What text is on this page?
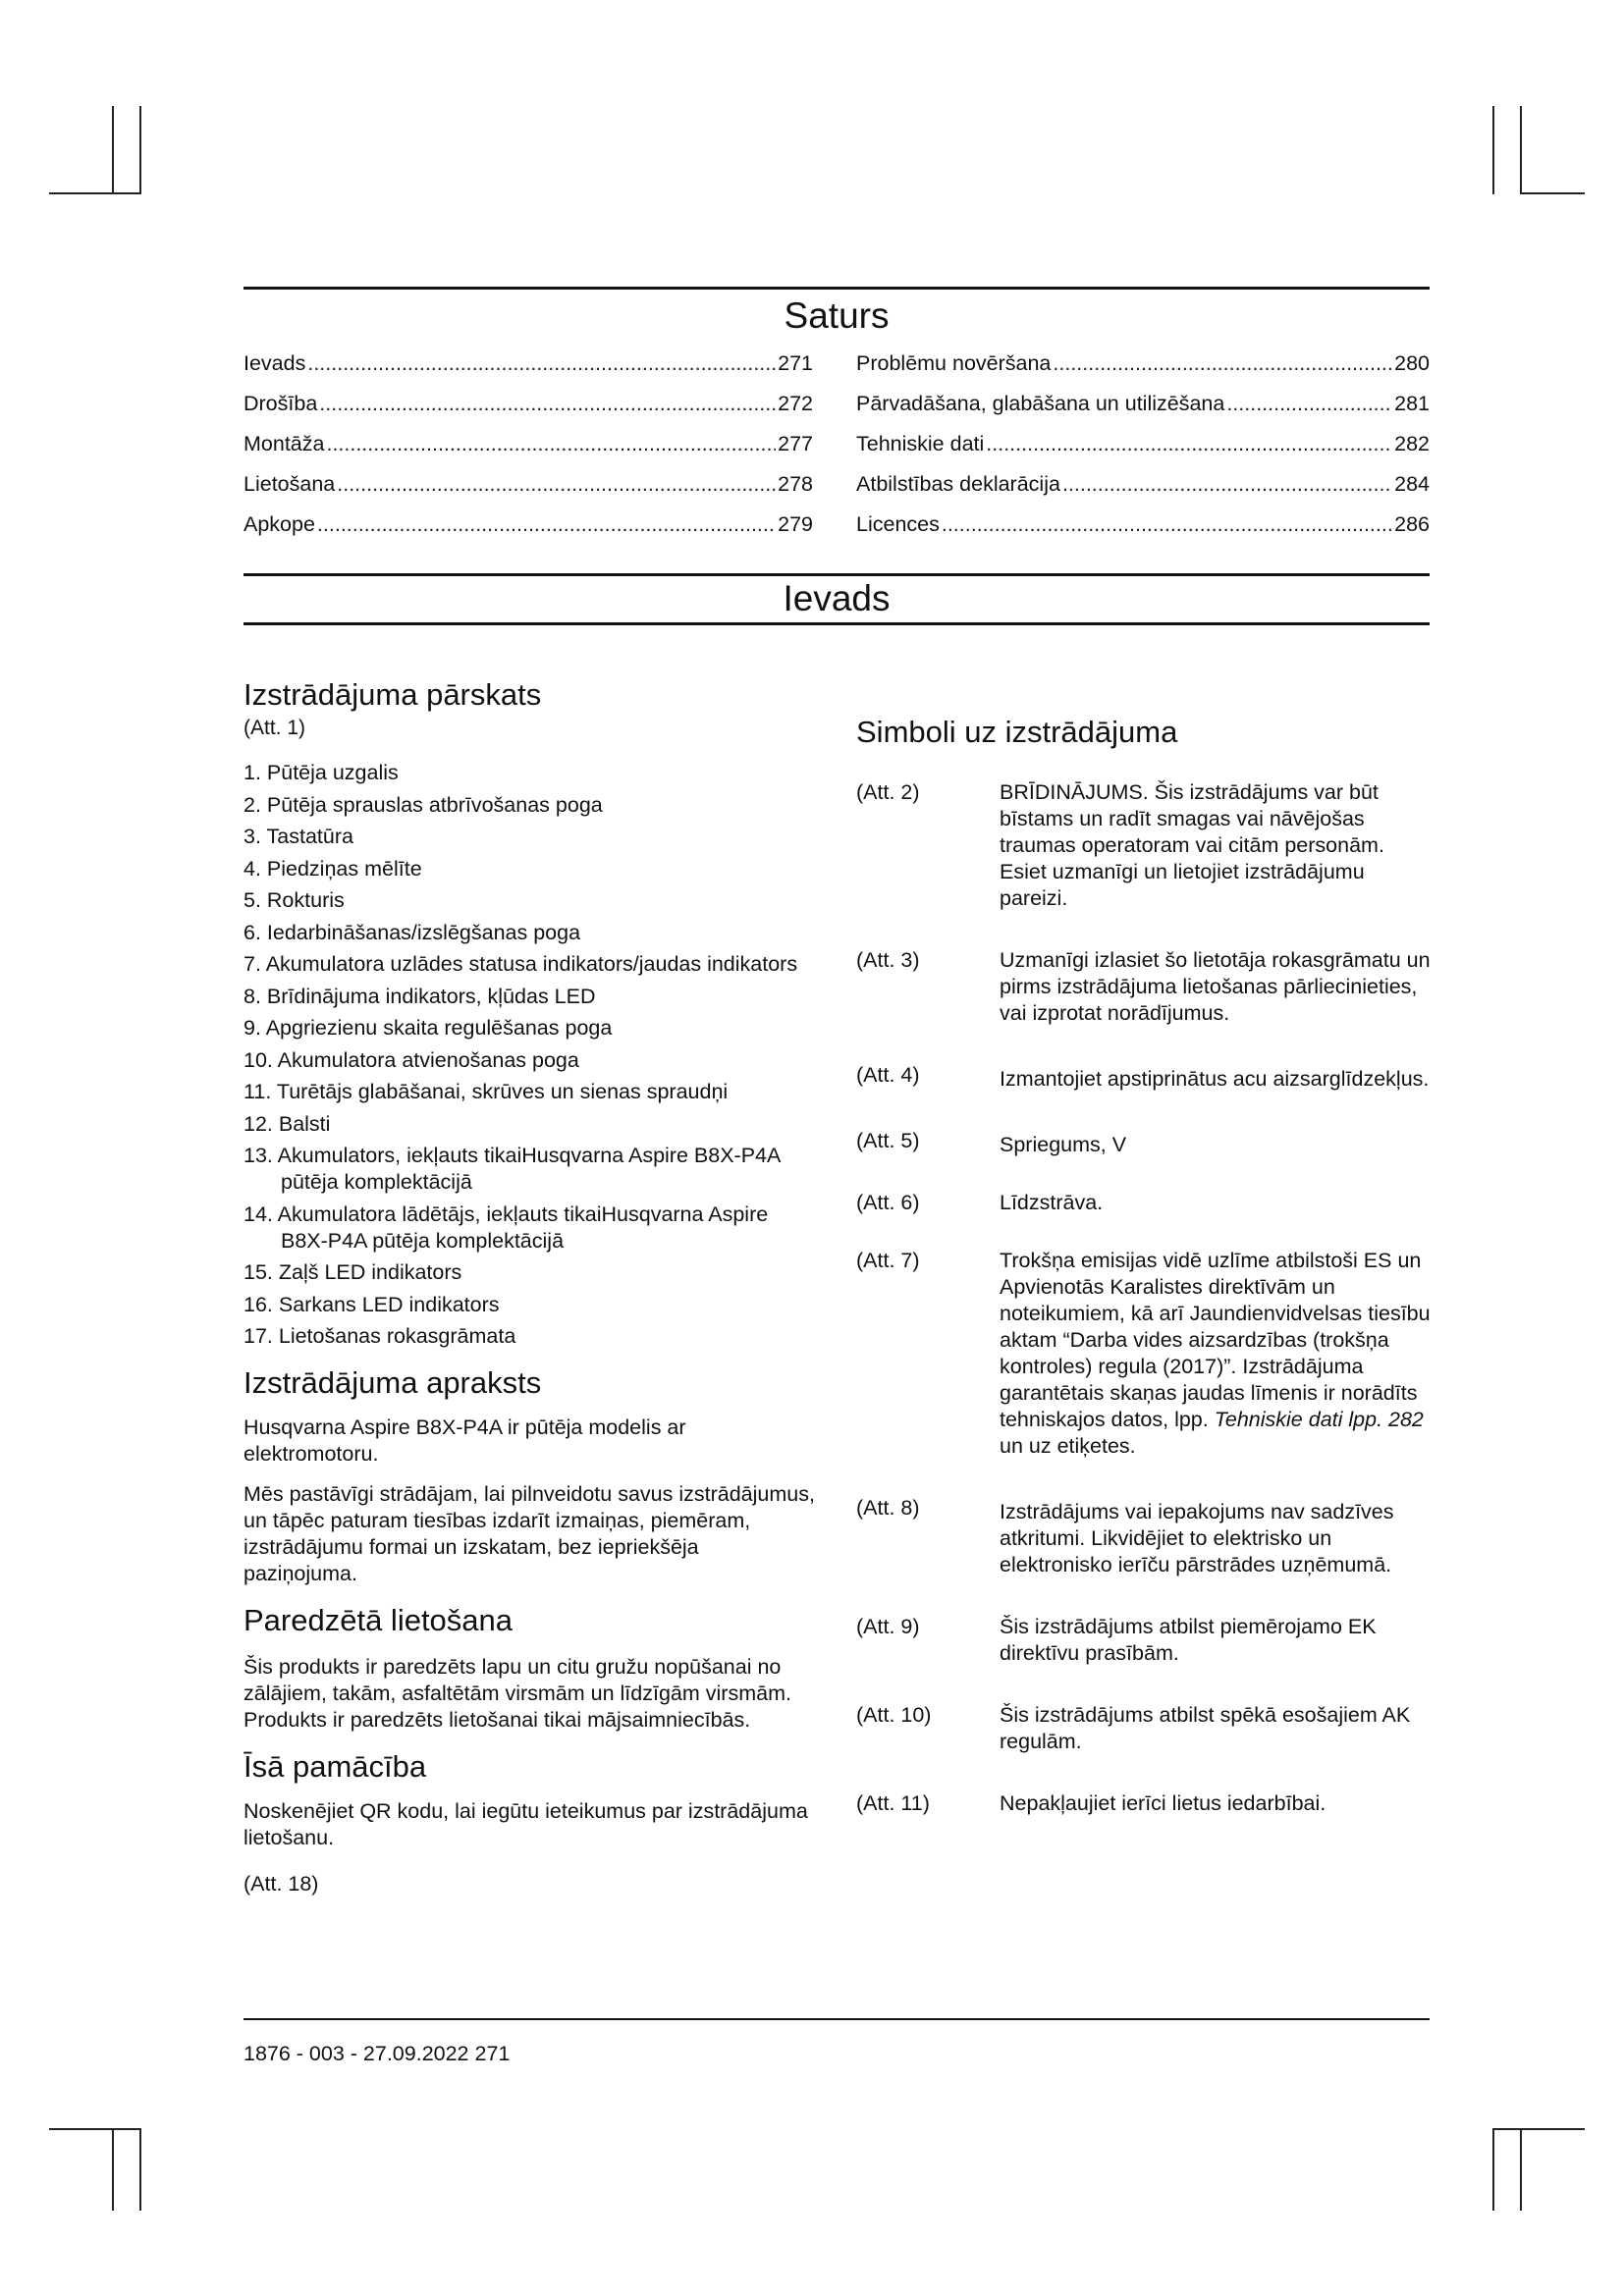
Saturs
Ievads .....	271
Drošība .....	272
Montāža .....	277
Lietošana .....	278
Apkope .....	279
Problēmu novēršana .....	280
Pārvadāšana, glabāšana un utilizēšana .....	281
Tehniskie dati .....	282
Atbilstības deklarācija .....	284
Licences .....	286
Ievads
Izstrādājuma pārskats
(Att. 1)
1. Pūtēja uzgalis
2. Pūtēja sprauslas atbrīvošanas poga
3. Tastatūra
4. Piedziņas mēlīte
5. Rokturis
6. Iedarbināšanas/izslēgšanas poga
7. Akumulatora uzlādes statusa indikators/jaudas indikators
8. Brīdinājuma indikators, kļūdas LED
9. Apgriezienu skaita regulēšanas poga
10. Akumulatora atvienošanas poga
11. Turētājs glabāšanai, skrūves un sienas spraudņi
12. Balsti
13. Akumulators, iekļauts tikaiHusqvarna Aspire B8X-P4A pūtēja komplektācijā
14. Akumulatora lādētājs, iekļauts tikaiHusqvarna Aspire B8X-P4A pūtēja komplektācijā
15. Zaļš LED indikators
16. Sarkans LED indikators
17. Lietošanas rokasgrāmata
Izstrādājuma apraksts

Husqvarna Aspire B8X-P4A ir pūtēja modelis ar elektromotoru.

Mēs pastāvīgi strādājam, lai pilnveidotu savus izstrādājumus, un tāpēc paturam tiesības izdarīt izmaiņas, piemēram, izstrādājumu formai un izskatam, bez iepriekšēja paziņojuma.

Paredzētā lietošana

Šis produkts ir paredzēts lapu un citu gružu nopūšanai no zālājiem, takām, asfaltētām virsmām un līdzīgām virsmām. Produkts ir paredzēts lietošanai tikai mājsaimniecībās.

Īsā pamācība

Noskenējiet QR kodu, lai iegūtu ieteikumus par izstrādājuma lietošanu.

(Att. 18)

Simboli uz izstrādājuma
(Att. 2)	BRĪDINĀJUMS. Šis izstrādājums var būt bīstams un radīt smagas vai nāvējošas traumas operatoram vai citām personām. Esiet uzmanīgi un lietojiet izstrādājumu pareizi.
(Att. 3)	Uzmanīgi izlasiet šo lietotāja rokasgrāmatu un pirms izstrādājuma lietošanas pārliecinieties, vai izprotat norādījumus.
(Att. 4)	Izmantojiet apstiprinātus acu aizsarglīdzekļus.
(Att. 5)	Spriegums, V
(Att. 6)	Līdzstrāva.
(Att. 7)	Trokšņa emisijas vidē uzlīme atbilstoši ES un Apvienotās Karalistes direktīvām un noteikumiem, kā arī Jaundienvidvelsas tiesību aktam “Darba vides aizsardzības (trokšņa kontroles) regula (2017)”. Izstrādājuma garantētais skaņas jaudas līmenis ir norādīts tehniskajos datos, lpp. Tehniskie dati lpp. 282 un uz etiķetes.
(Att. 8)	Izstrādājums vai iepakojums nav sadzīves atkritumi. Likvidējiet to elektrisko un elektronisko ierīču pārstrādes uzņēmumā.
(Att. 9)	Šis izstrādājums atbilst piemērojamo EK direktīvu prasībām.
(Att. 10)	Šis izstrādājums atbilst spēkā esošajiem AK regulām.
(Att. 11)	Nepakļaujiet ierīci lietus iedarbībai.
1876 - 003 - 27.09.2022 271
